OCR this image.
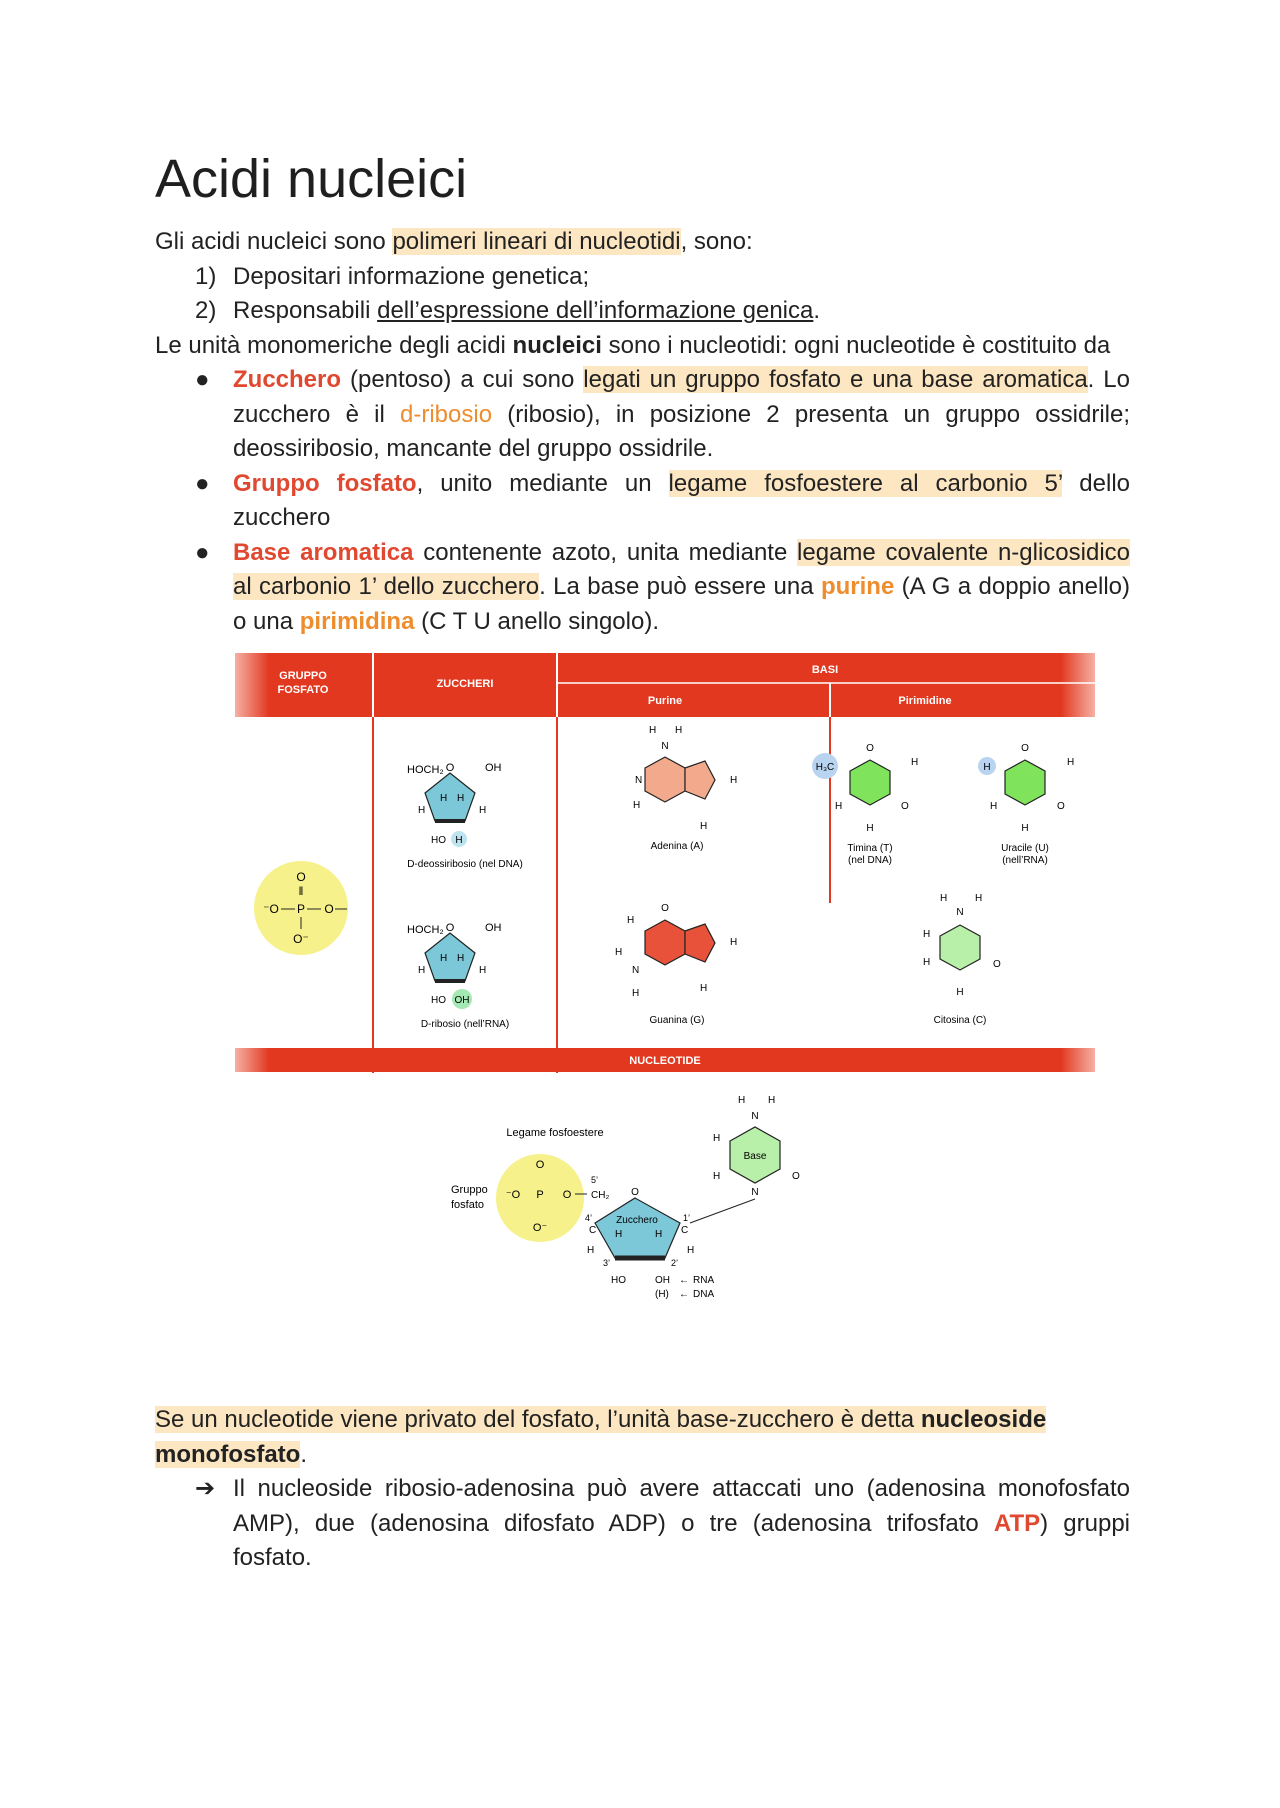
Acidi nucleici

Gli acidi nucleici sono polimeri lineari di nucleotidi, sono:

1) Depositari informazione genetica;
2) Responsabili dell’espressione dell’informazione genica.

Le unità monomeriche degli acidi nucleici sono i nucleotidi: ogni nucleotide è costituito da

● Zucchero (pentoso) a cui sono legati un gruppo fosfato e una base aromatica. Lo zucchero è il d-ribosio (ribosio), in posizione 2 presenta un gruppo ossidrile; deossiribosio, mancante del gruppo ossidrile.
● Gruppo fosfato, unito mediante un legame fosfoestere al carbonio 5’ dello zucchero
● Base aromatica contenente azoto, unita mediante legame covalente n-glicosidico al carbonio 1’ dello zucchero. La base può essere una purine (A G a doppio anello) o una pirimidina (C T U anello singolo).
GRUPPO
FOSFATO	ZUCCHERI
BASI
Purine	Pirimidine
O
‖
P
⁻O	O
O⁻
HOCH₂ O	OH
H H
H	H
HO H
D-deossiribosio (nel DNA)
HOCH₂ O	OH
H H
H	H
HO OH
D-ribosio (nell’RNA)
N
H H
N	H
H
H
Adenina (A)
O
H
H
N
H
H
H
Guanina (G)
H₃C
O
H
H	O
H
Timina (T)
(nel DNA)
H
O
H
H	O
H
Uracile (U)
(nell’RNA)
N
H	H
H
H	O
H
Citosina (C)
NUCLEOTIDE
Legame fosfoestere
Gruppo
fosfato
O
P
⁻O	O
O⁻
CH₂
5’
O
Zucchero
4’
C
1’
C
H	H
H	H
3’	2’
HO	OH
(H)
← RNA
← DNA
Base
N
H H
H
H
N
O

Se un nucleotide viene privato del fosfato, l’unità base-zucchero è detta nucleoside monofosfato

.

➔ Il nucleoside ribosio-adenosina può avere attaccati uno (adenosina monofosfato AMP), due (adenosina difosfato ADP) o tre (adenosina trifosfato ATP) gruppi fosfato.
